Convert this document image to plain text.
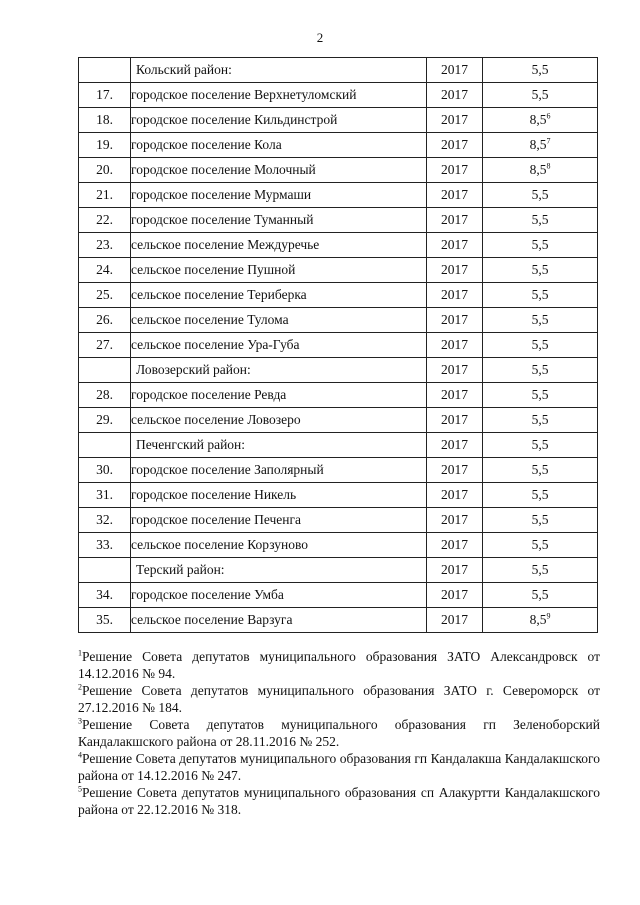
2
	Кольский район:	2017	5,5
17.	городское поселение Верхнетуломский	2017	5,5
18.	городское поселение Кильдинстрой	2017	$8,5^6$
19.	городское поселение Кола	2017	$8,5^7$
20.	городское поселение Молочный	2017	$8,5^8$
21.	городское поселение Мурмаши	2017	5,5
22.	городское поселение Туманный	2017	5,5
23.	сельское поселение Междуречье	2017	5,5
24.	сельское поселение Пушной	2017	5,5
25.	сельское поселение Териберка	2017	5,5
26.	сельское поселение Тулома	2017	5,5
27.	сельское поселение Ура-Губа	2017	5,5
	Ловозерский район:	2017	5,5
28.	городское поселение Ревда	2017	5,5
29.	сельское поселение Ловозеро	2017	5,5
	Печенгский район:	2017	5,5
30.	городское поселение Заполярный	2017	5,5
31.	городское поселение Никель	2017	5,5
32.	городское поселение Печенга	2017	5,5
33.	сельское поселение Корзуново	2017	5,5
	Терский район:	2017	5,5
34.	городское поселение Умба	2017	5,5
35.	сельское поселение Варзуга	2017	$8,5^9$
$^1$Решение Совета депутатов муниципального образования ЗАТО Александровск от 14.12.2016 № 94.
$^2$Решение Совета депутатов муниципального образования ЗАТО г. Североморск от 27.12.2016 № 184.
$^3$Решение Совета депутатов муниципального образования гп Зеленоборский Кандалакшского района от 28.11.2016 № 252.
$^4$Решение Совета депутатов муниципального образования гп Кандалакша Кандалакшского района от 14.12.2016 № 247.
$^5$Решение Совета депутатов муниципального образования сп Алакуртти Кандалакшского района от 22.12.2016 № 318.
